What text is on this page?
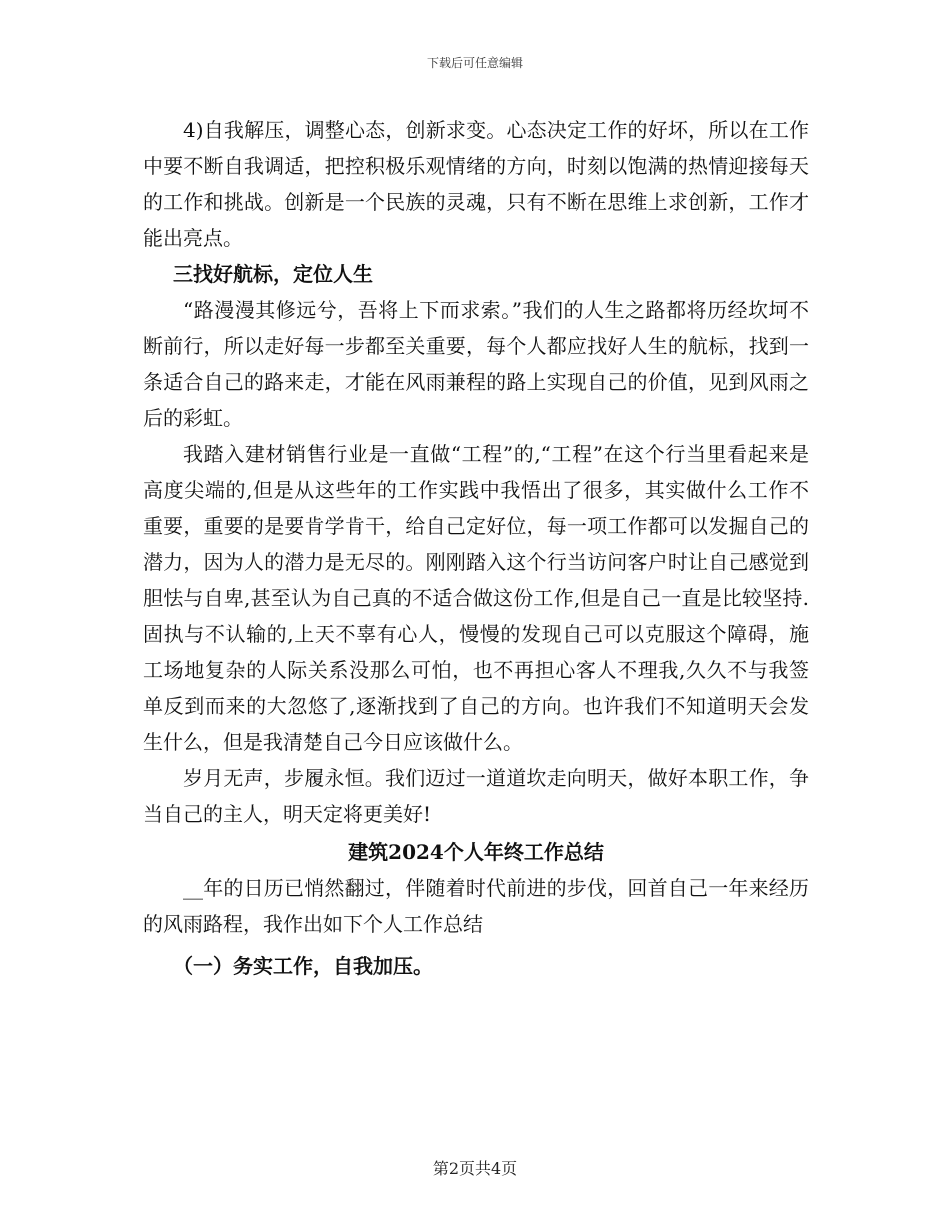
下载后可任意编辑

4)自我解压，调整心态，创新求变。心态决定工作的好坏，所以在工作中要不断自我调适，把控积极乐观情绪的方向，时刻以饱满的热情迎接每天的工作和挑战。创新是一个民族的灵魂，只有不断在思维上求创新，工作才能出亮点。

三找好航标，定位人生

“路漫漫其修远兮，吾将上下而求索。”我们的人生之路都将历经坎坷不断前行，所以走好每一步都至关重要，每个人都应找好人生的航标，找到一条适合自己的路来走，才能在风雨兼程的路上实现自己的价值，见到风雨之后的彩虹。

我踏入建材销售行业是一直做“工程”的,“工程”在这个行当里看起来是高度尖端的,但是从这些年的工作实践中我悟出了很多，其实做什么工作不重要，重要的是要肯学肯干，给自己定好位，每一项工作都可以发掘自己的潜力，因为人的潜力是无尽的。刚刚踏入这个行当访问客户时让自己感觉到胆怯与自卑,甚至认为自己真的不适合做这份工作,但是自己一直是比较坚持.固执与不认输的,上天不辜有心人，慢慢的发现自己可以克服这个障碍，施工场地复杂的人际关系没那么可怕，也不再担心客人不理我,久久不与我签单反到而来的大忽悠了,逐渐找到了自己的方向。也许我们不知道明天会发生什么，但是我清楚自己今日应该做什么。

岁月无声，步履永恒。我们迈过一道道坎走向明天，做好本职工作，争当自己的主人，明天定将更美好!

建筑2024个人年终工作总结

__年的日历已悄然翻过，伴随着时代前进的步伐，回首自己一年来经历的风雨路程，我作出如下个人工作总结

（一）务实工作，自我加压。

第2页共4页
